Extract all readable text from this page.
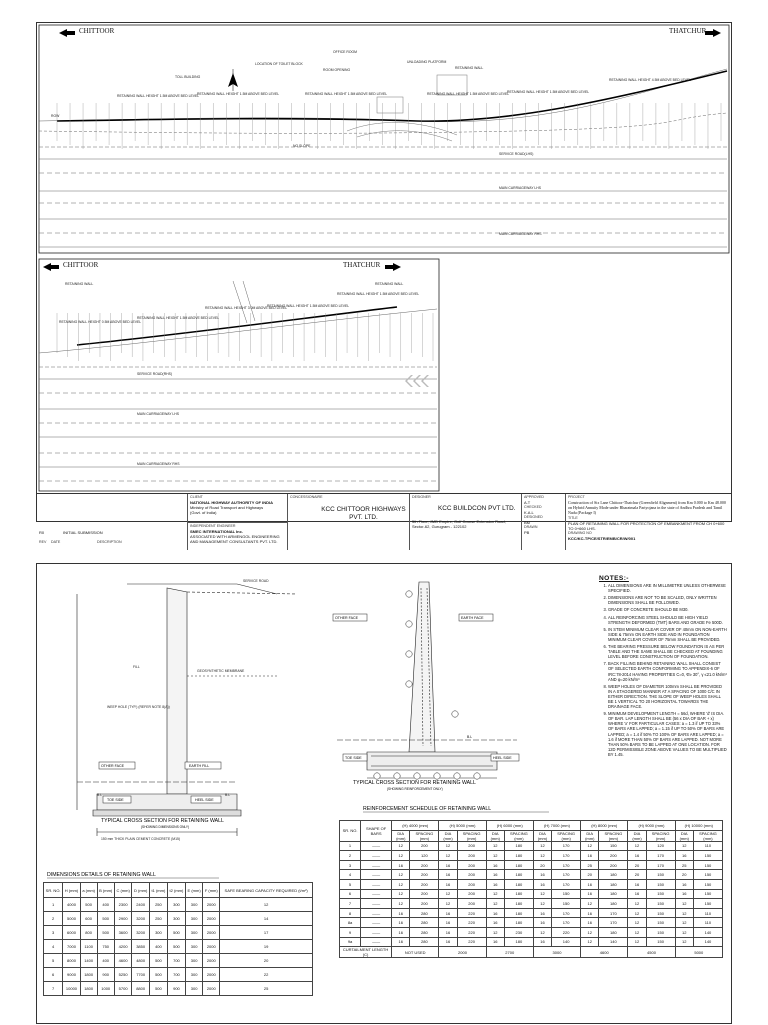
OFFICE ROOM
UNLOADING PLATFORM
RETAINING WALL
LOCATION OF TOILET BLOCK
ROOM OPENING
TOLL BUILDING
RETAINING WALL HEIGHT 1.5M ABOVE BED LEVEL
RETAINING WALL HEIGHT 1.5M ABOVE BED LEVEL	RETAINING WALL HEIGHT 1.5M ABOVE BED LEVEL	RETAINING WALL HEIGHT 1.5M ABOVE BED LEVEL
RETAINING WALL HEIGHT 1.5M ABOVE BED LEVEL
RETAINING WALL HEIGHT 4.5M ABOVE BED LEVEL
ROW
NO SLOPE
SERVICE ROAD(LHS)
MAIN CARRIAGEWAY LHS
MAIN CARRIAGEWAY RHS
RETAINING WALL	RETAINING WALL
RETAINING WALL HEIGHT 0.5M ABOVE BED LEVEL
RETAINING WALL HEIGHT 1.5M ABOVE BED LEVEL
RETAINING WALL HEIGHT 3.0M ABOVE BED LEVEL
RETAINING WALL HEIGHT 1.5M ABOVE BED LEVEL
RETAINING WALL HEIGHT 1.5M ABOVE BED LEVEL
SERVICE ROAD(RHS)
MAIN CARRIAGEWAY LHS
MAIN CARRIAGEWAY RHS
CHITTOOR	THATCHUR
CHITTOOR	THATCHUR
R0	INITIAL SUBMISSION
REV DATE	DESCRIPTION
CLIENT
NATIONAL HIGHWAY AUTHORITY OF INDIA
Ministry of Road Transport and Highways
(Govt. of India)
INDEPENDENT ENGINEER
SMEC INTERNATIONAL Inc.
ASSOCIATED WITH ARMENGOL ENGINEERING AND MANAGEMENT CONSULTANTS PVT. LTD.
CONCESSIONAIRE
KCC CHITTOOR HIGHWAYS PVT. LTD.
DESIGNER
KCC BUILDCON PVT LTD.
5th Floor, JMD Empire, Golf Course Extension Road, Sector-62, Gurugram - 122102
APPROVED
A.T
CHECKED
K.A.L
DESIGNED
BM
DRAWN
PB
PROJECT
Construction of Six Lane Chittoor-Thatchur (Greenfield Alignment) from Km 0.000 to Km 48.000 on Hybrid Annuity Mode under Bharatmala Pariyojana in the state of Andhra Pradesh and Tamil Nadu (Package I)
TITLE
PLAN OF RETAINING WALL FOR PROTECTION OF EMBANKMENT FROM CH 0+600 TO 0+660 LHS.
DRAWING NO
KCC/KC-TP/CE/STR/EMB/CR/W/001
SERVICE ROAD
FILL
GEOSYNTHETIC MEMBRANE
WEEP HOLE (TYP.) (REFER NOTE 8(A))
B.L	B.L
150 mm THICK PLAIN CEMENT CONCRETE (M15)
OTHER FACE	EARTH FILL
TOE SIDE	HEEL SIDE
TYPICAL CROSS SECTION FOR RETAINING WALL
(SHOWING DIMENSIONS ONLY)
OTHER FACE	EARTH FACE
B.L
TOE SIDE	HEEL SIDE
TYPICAL CROSS SECTION FOR RETAINING WALL
(SHOWING REINFORCEMENT ONLY)
REINFORCEMENT SCHEDULE OF RETAINING WALL
DIMENSIONS DETAILS OF RETAINING WALL
NOTES:-
1. ALL DIMENSIONS ARE IN MILLIMETRE UNLESS OTHERWISE SPECIFIED.
2. DIMENSIONS ARE NOT TO BE SCALED, ONLY WRITTEN DIMENSIONS SHALL BE FOLLOWED.
3. GRADE OF CONCRETE SHOULD BE M30.
4. ALL REINFORCING STEEL SHOULD BE HIGH YIELD STRENGTH DEFORMED (TMT) BARS AND GRADE Fe 500D.
5. IN STEM MINIMUM CLEAR COVER OF 40mm ON NON-EARTH SIDE & 75mm ON EARTH SIDE AND IN FOUNDATION MINIMUM CLEAR COVER OF 75mm SHALL BE PROVIDED.
6. THE BEARING PRESSURE BELOW FOUNDATION IS AS PER TABLE AND THE SAME SHALL BE CHECKED AT FOUNDING LEVEL BEFORE CONSTRUCTION OF FOUNDATION.
7. BACK FILLING BEHIND RETAINING WALL SHALL CONSIST OF SELECTED EARTH CONFORMING TO APPENDIX-6 OF IRC:78-2014 HAVING PROPERTIES C=0, Φ≥ 30°, γ ≤21.0 kN/m³ AND φ=20 kN/m³
8. WEEP HOLES OF DIAMETER 100mm SHALL BE PROVIDED IN A STAGGERED MANNER AT A SPACING OF 1000 C/C IN EITHER DIRECTION. THE SLOPE OF WEEP HOLES SHALL BE 1 VERTICAL TO 20 HORIZONTAL TOWARDS THE DRAINAGE FACE.
9. MINIMUM DEVELOPMENT LENGTH = 56d, WHERE 'd' IS DIA. OF BAR. LAP LENGTH SHALL BE (56 x DIA OF BAR + x) WHERE 'x' FOR PARTICULAR CASES: a = 1.3 if UP TO 33% OF BARS ARE LAPPED; a = 1.15 if UP TO 50% OF BARS ARE LAPPED; a = 1.4 if 50% TO 100% OF BARS ARE LAPPED; a = 1.6 if MORE THAN 50% OF BARS ARE LAPPED. NOT MORE THAN 50% BARS TO BE LAPPED AT ONE LOCATION. FOR 12D PERMISSIBLE ZONE ABOVE VALUES TO BE MULTIPLIED BY 1.45.
SR. NO.	SHAPE OF BARS	(H) 4000 (mm)		(H) 5000 (mm)		(H) 6000 (mm)		(H) 7000 (mm)		(H) 8000 (mm)		(H) 9000 (mm)		(H) 10000 (mm)	
		DIA (mm)	SPACING (mm)	DIA (mm)	SPACING (mm)	DIA (mm)	SPACING (mm)	DIA (mm)	SPACING (mm)	DIA (mm)	SPACING (mm)	DIA (mm)	SPACING (mm)	DIA (mm)	SPACING (mm)
1	——	12	200	12	200	12	180	12	170	12	150	12	120	12	110
2	——	12	120	12	200	12	180	12	170	16	200	16	170	16	150
3	——	16	200	16	200	16	180	20	170	25	200	20	170	25	150
4	——	12	200	16	200	16	180	16	170	20	180	20	150	20	150
5	——	12	200	16	200	16	180	16	170	16	180	16	150	16	150
6	——	12	200	12	200	12	180	12	150	16	180	16	150	16	150
7	——	12	200	12	200	12	180	12	150	12	180	12	150	12	150
8	——	16	280	16	220	16	180	16	170	16	170	12	150	12	110
8a	——	16	280	16	220	16	180	16	170	16	170	12	150	12	110
9	——	16	280	16	220	12	230	12	220	12	180	12	150	12	140
9a	——	16	280	16	220	16	180	16	140	12	140	12	150	12	140
CURTAILMENT LENGTH (C)		NOT USED		2000		2700		3000		4600		4500		5000	
SR. NO.	H (mm)	a (mm)	B (mm)	C (mm)	D (mm)	t1 (mm)	t2 (mm)	E (mm)	F (mm)	SAFE BEARING CAPACITY REQUIRED (t/m²)
1	4000	500	400	2300	2400	250	300	300	2000	12
2	5000	600	500	2900	3200	250	300	300	2000	14
3	6000	800	500	3600	3200	300	500	300	2000	17
4	7000	1100	750	4200	3850	400	500	300	2000	19
5	8000	1400	400	4600	4800	500	700	300	2000	20
6	9000	1800	900	5250	7700	500	700	300	2000	22
7	10000	1800	1000	5700	8800	500	900	300	2000	25
